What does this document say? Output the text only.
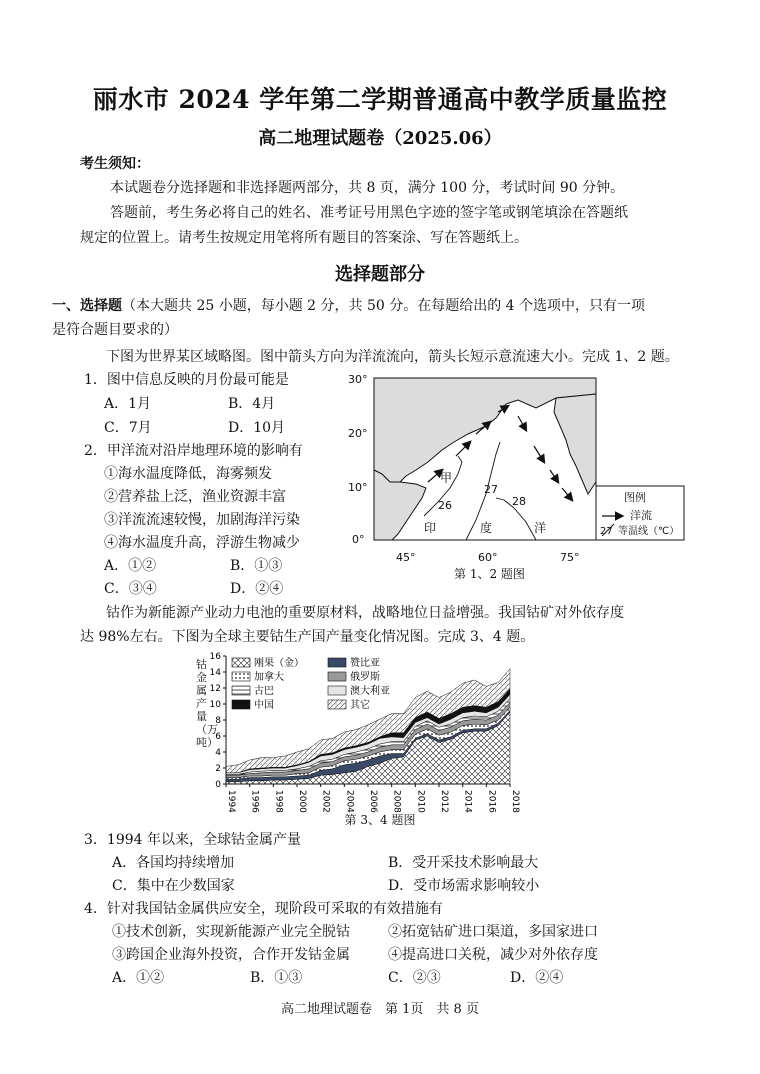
丽水市 2024 学年第二学期普通高中教学质量监控
高二地理试题卷（2025.06）
考生须知：
本试题卷分选择题和非选择题两部分，共 8 页，满分 100 分，考试时间 90 分钟。
答题前，考生务必将自己的姓名、准考证号用黑色字迹的签字笔或钢笔填涂在答题纸
规定的位置上。请考生按规定用笔将所有题目的答案涂、写在答题纸上。
选择题部分
一、选择题（本大题共 25 小题，每小题 2 分，共 50 分。在每题给出的 4 个选项中，只有一项
是符合题目要求的）
下图为世界某区域略图。图中箭头方向为洋流流向，箭头长短示意流速大小。完成 1、2 题。
1．图中信息反映的月份最可能是
A．1月	B．4月
C．7月	D．10月
2．甲洋流对沿岸地理环境的影响有
①海水温度降低，海雾频发
②营养盐上泛，渔业资源丰富
③洋流流速较慢，加剧海洋污染
④海水温度升高，浮游生物减少
A．①②	B．①③
C．③④	D．②④
30°
20°
10°
0°
45°	60°	75°
甲
26
27
28
印	度	洋
图例
洋流
27 等温线（℃）
第 1、2 题图
钴作为新能源产业动力电池的重要原材料，战略地位日益增强。我国钴矿对外依存度
达 98%左右。下图为全球主要钴生产国产量变化情况图。完成 3、4 题。
0
2
4
6
8
10
12
14
16
1994 1996 1998 2000 2002 2004 2006 2008 2010 2012 2014 2016 2018
刚果（金）	赞比亚
加拿大	俄罗斯
古巴	澳大利亚
中国	其它
钴金属产量（万吨）
第 3、4 题图
3．1994 年以来，全球钴金属产量
A．各国均持续增加	B．受开采技术影响最大
C．集中在少数国家	D．受市场需求影响较小
4．针对我国钴金属供应安全，现阶段可采取的有效措施有
①技术创新，实现新能源产业完全脱钴	②拓宽钴矿进口渠道，多国家进口
③跨国企业海外投资，合作开发钴金属	④提高进口关税，减少对外依存度
A．①②	B．①③	C．②③	D．②④
高二地理试题卷　第 1页　共 8 页
